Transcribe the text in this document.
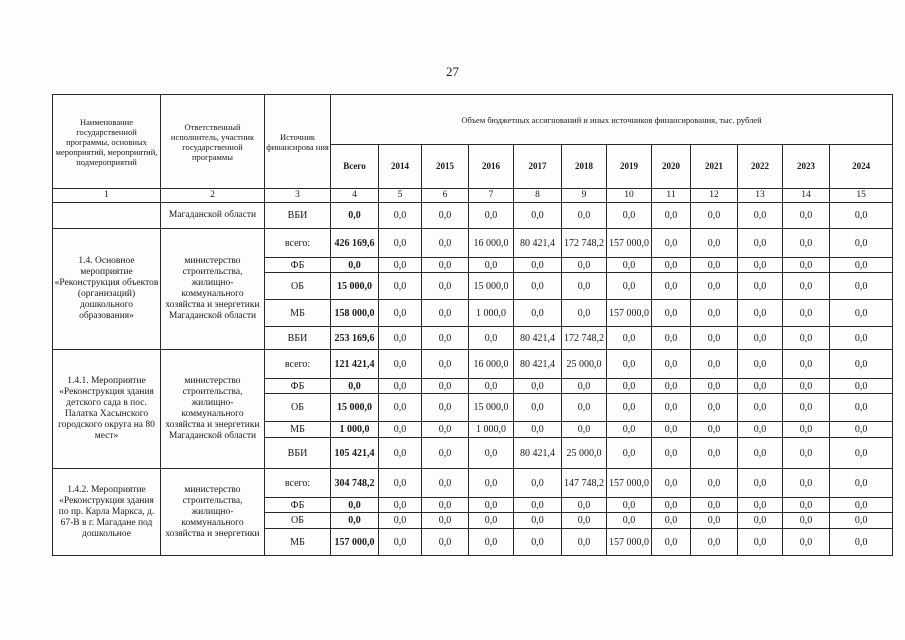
27
Наименование государственной программы, основных мероприятий, мероприятий, подмероприятий	Ответственный исполнитель, участник государственной программы	Источник финансирова ния	Объем бюджетных ассигнований и иных источников финансирования, тыс. рублей											
			Всего	2014	2015	2016	2017	2018	2019	2020	2021	2022	2023	2024
1	2	3	4	5	6	7	8	9	10	11	12	13	14	15
	Магаданской области	ВБИ	0,0	0,0	0,0	0,0	0,0	0,0	0,0	0,0	0,0	0,0	0,0	0,0
1.4. Основное мероприятие «Реконструкция объектов (организаций) дошкольного образования»	министерство строительства, жилищно-коммунального хозяйства и энергетики Магаданской области	всего:	426 169,6	0,0	0,0	16 000,0	80 421,4	172 748,2	157 000,0	0,0	0,0	0,0	0,0	0,0
		ФБ	0,0	0,0	0,0	0,0	0,0	0,0	0,0	0,0	0,0	0,0	0,0	0,0
		ОБ	15 000,0	0,0	0,0	15 000,0	0,0	0,0	0,0	0,0	0,0	0,0	0,0	0,0
		МБ	158 000,0	0,0	0,0	1 000,0	0,0	0,0	157 000,0	0,0	0,0	0,0	0,0	0,0
		ВБИ	253 169,6	0,0	0,0	0,0	80 421,4	172 748,2	0,0	0,0	0,0	0,0	0,0	0,0
1.4.1. Мероприятие «Реконструкция здания детского сада в пос. Палатка Хасынского городского округа на 80 мест»	министерство строительства, жилищно-коммунального хозяйства и энергетики Магаданской области	всего:	121 421,4	0,0	0,0	16 000,0	80 421,4	25 000,0	0,0	0,0	0,0	0,0	0,0	0,0
		ФБ	0,0	0,0	0,0	0,0	0,0	0,0	0,0	0,0	0,0	0,0	0,0	0,0
		ОБ	15 000,0	0,0	0,0	15 000,0	0,0	0,0	0,0	0,0	0,0	0,0	0,0	0,0
		МБ	1 000,0	0,0	0,0	1 000,0	0,0	0,0	0,0	0,0	0,0	0,0	0,0	0,0
		ВБИ	105 421,4	0,0	0,0	0,0	80 421,4	25 000,0	0,0	0,0	0,0	0,0	0,0	0,0
1.4.2. Мероприятие «Реконструкция здания по пр. Карла Маркса, д. 67-В в г. Магадане под дошкольное	министерство строительства, жилищно-коммунального хозяйства и энергетики	всего:	304 748,2	0,0	0,0	0,0	0,0	147 748,2	157 000,0	0,0	0,0	0,0	0,0	0,0
		ФБ	0,0	0,0	0,0	0,0	0,0	0,0	0,0	0,0	0,0	0,0	0,0	0,0
		ОБ	0,0	0,0	0,0	0,0	0,0	0,0	0,0	0,0	0,0	0,0	0,0	0,0
		МБ	157 000,0	0,0	0,0	0,0	0,0	0,0	157 000,0	0,0	0,0	0,0	0,0	0,0
